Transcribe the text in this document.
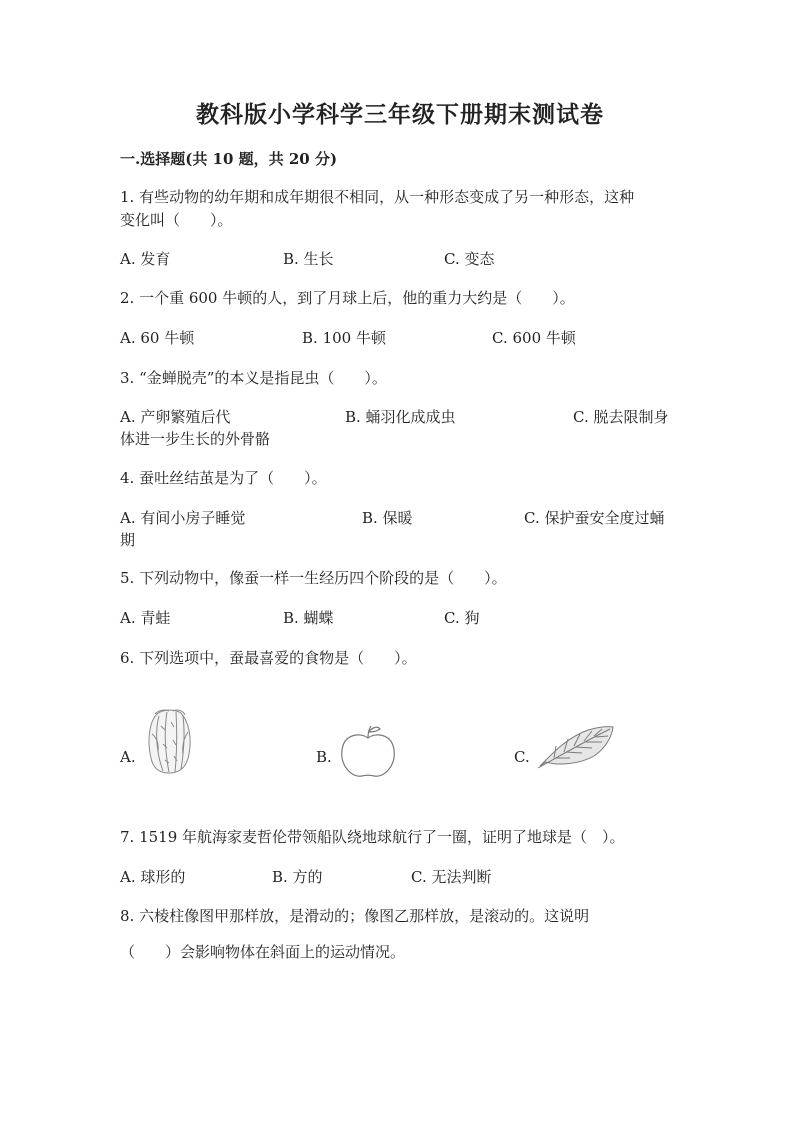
教科版小学科学三年级下册期末测试卷
一.选择题(共 10 题，共 20 分)
1. 有些动物的幼年期和成年期很不相同，从一种形态变成了另一种形态，这种
变化叫（　　）。
A. 发育	B. 生长	C. 变态
2. 一个重 600 牛顿的人，到了月球上后，他的重力大约是（　　）。
A. 60 牛顿	B. 100 牛顿	C. 600 牛顿
3. “金蝉脱壳”的本义是指昆虫（　　）。
A. 产卵繁殖后代	B. 蛹羽化成成虫	C. 脱去限制身
体进一步生长的外骨骼
4. 蚕吐丝结茧是为了（　　）。
A. 有间小房子睡觉	B. 保暖	C. 保护蚕安全度过蛹
期
5. 下列动物中，像蚕一样一生经历四个阶段的是（　　）。
A. 青蛙	B. 蝴蝶	C. 狗
6. 下列选项中，蚕最喜爱的食物是（　　）。
A.	B.	C.
7. 1519 年航海家麦哲伦带领船队绕地球航行了一圈，证明了地球是（　）。
A. 球形的	B. 方的	C. 无法判断
8. 六棱柱像图甲那样放，是滑动的；像图乙那样放，是滚动的。这说明
（　　）会影响物体在斜面上的运动情况。
